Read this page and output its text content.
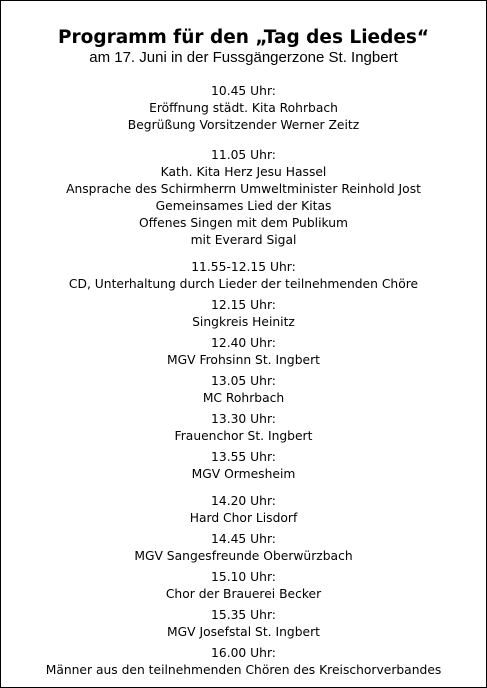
Programm für den „Tag des Liedes“
am 17. Juni in der Fussgängerzone St. Ingbert
10.45 Uhr:
Eröffnung städt. Kita Rohrbach
Begrüßung Vorsitzender Werner Zeitz
11.05 Uhr:
Kath. Kita Herz Jesu Hassel
Ansprache des Schirmherrn Umweltminister Reinhold Jost
Gemeinsames Lied der Kitas
Offenes Singen mit dem Publikum
mit Everard Sigal
11.55-12.15 Uhr:
CD, Unterhaltung durch Lieder der teilnehmenden Chöre
12.15 Uhr:
Singkreis Heinitz
12.40 Uhr:
MGV Frohsinn St. Ingbert
13.05 Uhr:
MC Rohrbach
13.30 Uhr:
Frauenchor St. Ingbert
13.55 Uhr:
MGV Ormesheim
14.20 Uhr:
Hard Chor Lisdorf
14.45 Uhr:
MGV Sangesfreunde Oberwürzbach
15.10 Uhr:
Chor der Brauerei Becker
15.35 Uhr:
MGV Josefstal St. Ingbert
16.00 Uhr:
Männer aus den teilnehmenden Chören des Kreischorverbandes
